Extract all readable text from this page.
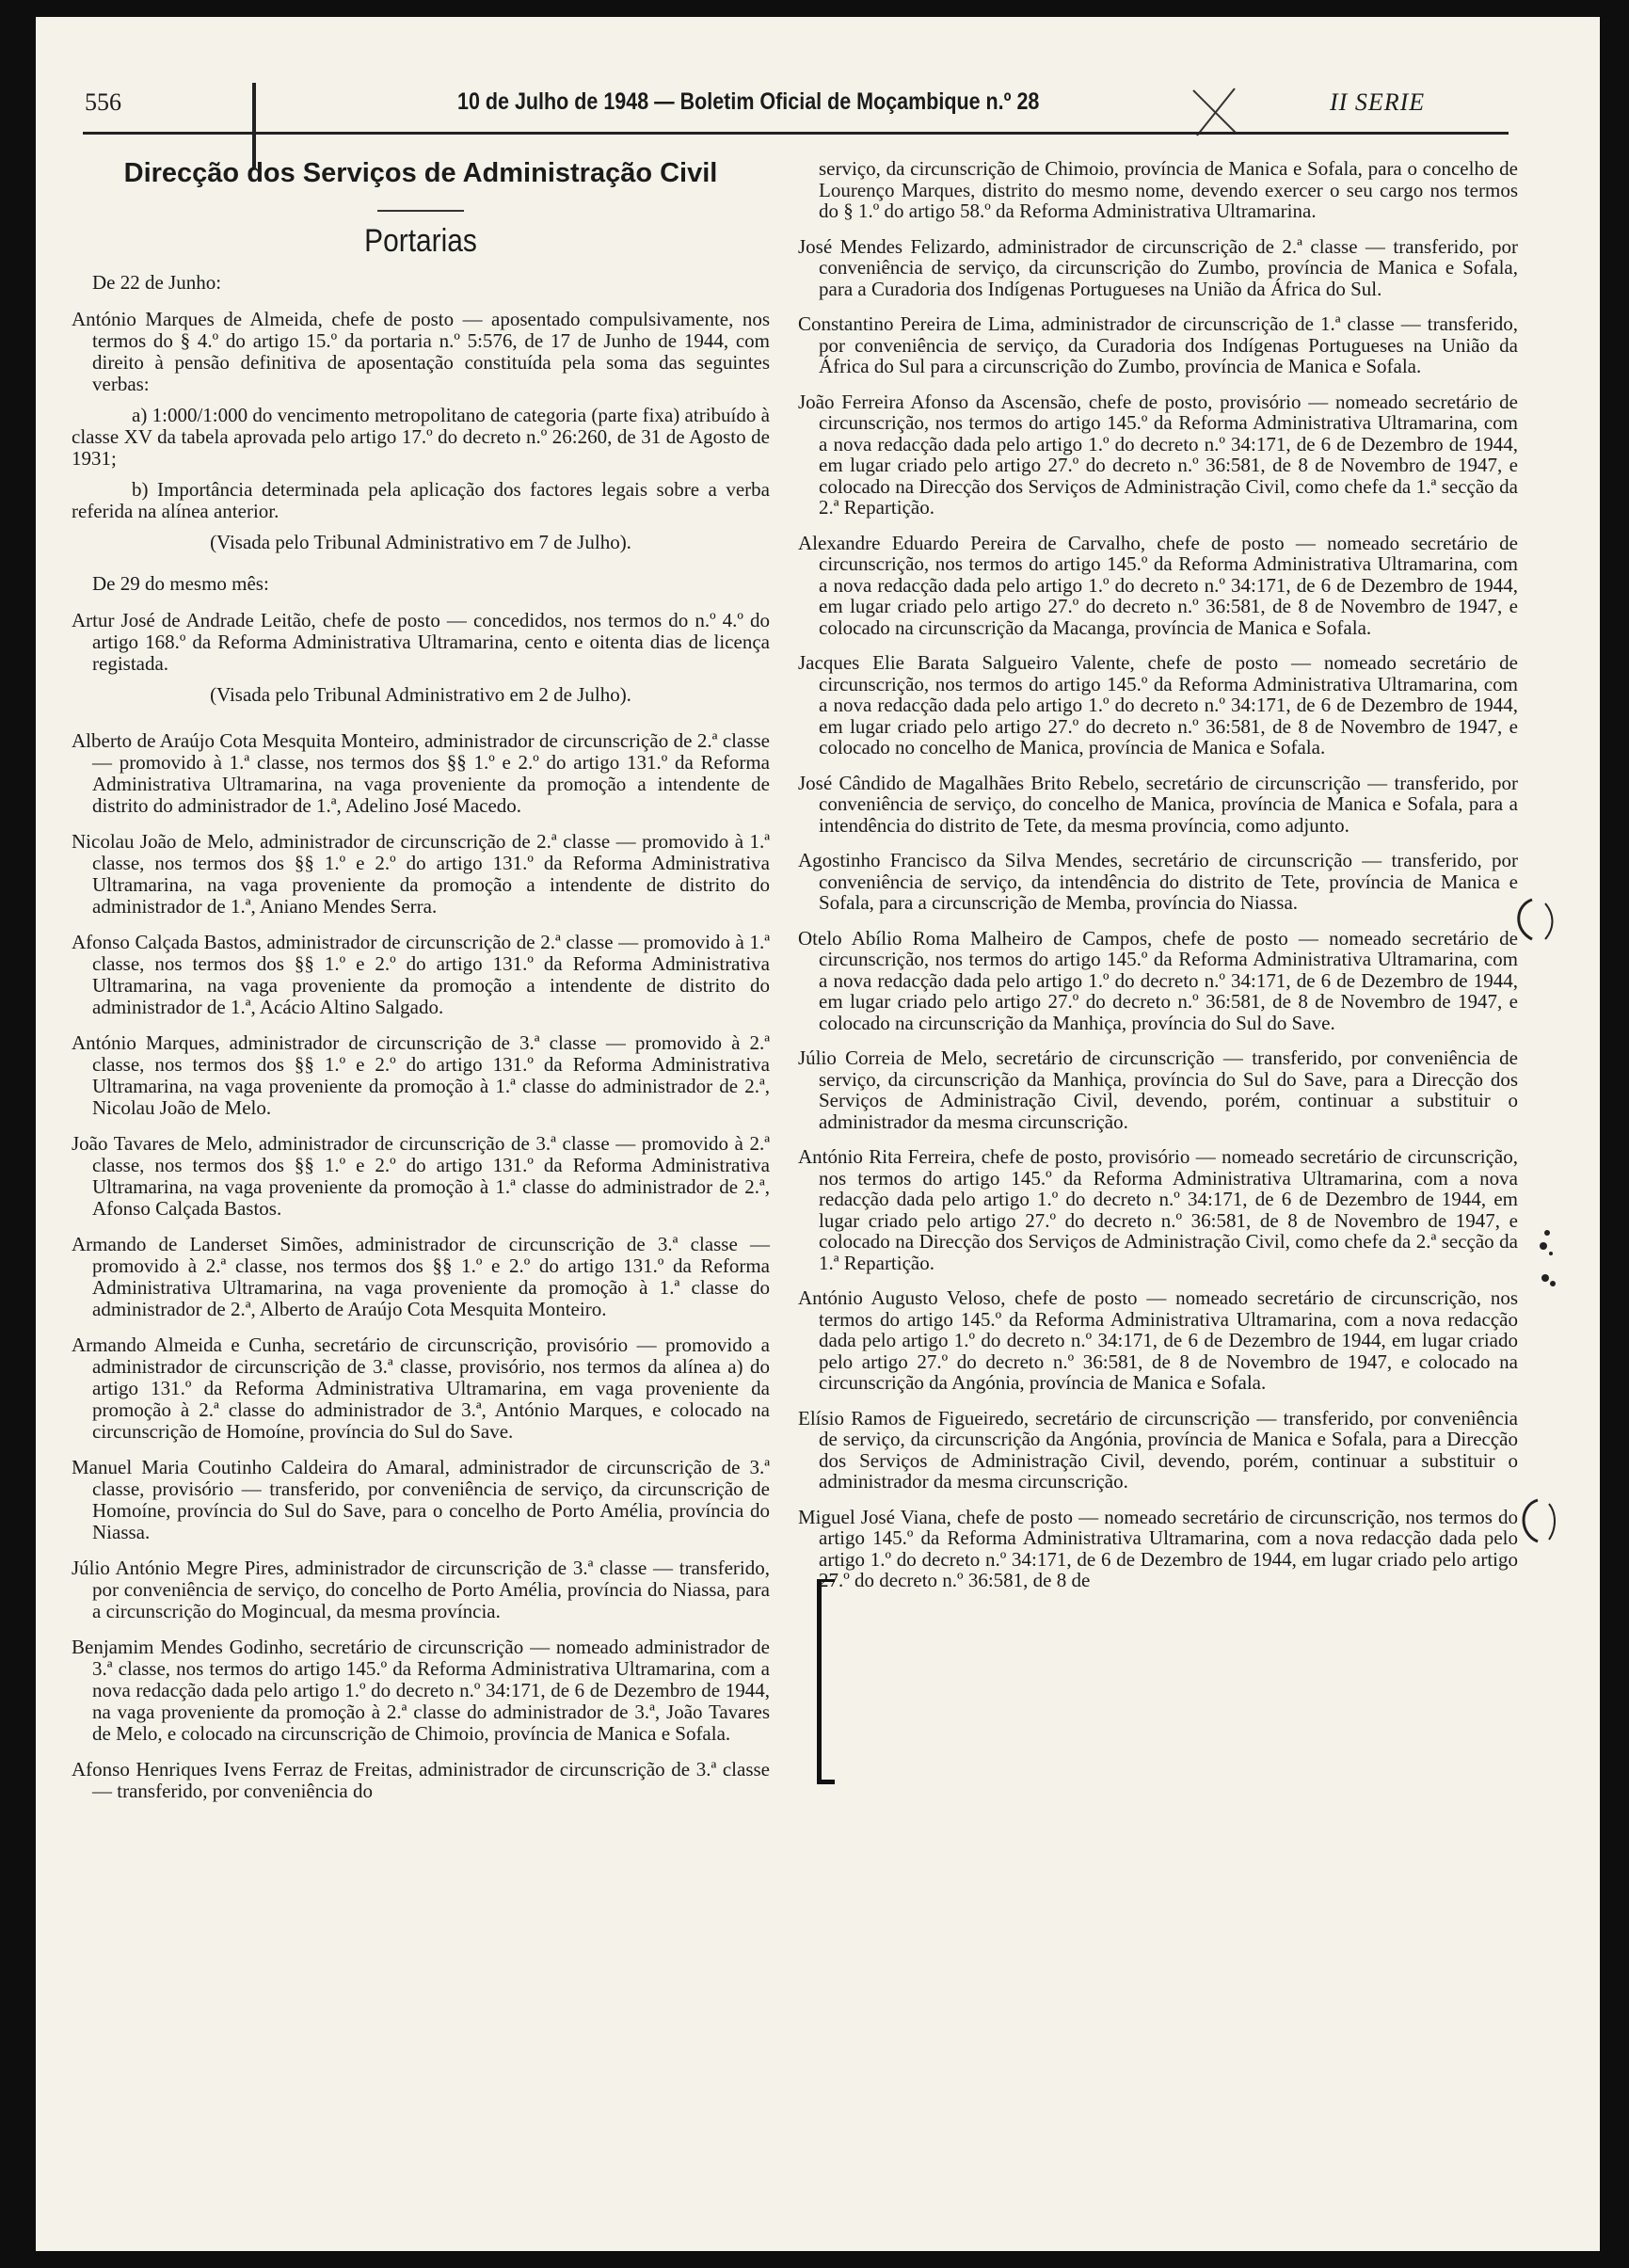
556	10 de Julho de 1948 — Boletim Oficial de Moçambique n.º 28	II SERIE
Direcção dos Serviços de Administração Civil
Portarias

De 22 de Junho:

António Marques de Almeida, chefe de posto — aposentado compulsivamente, nos termos do § 4.º do artigo 15.º da portaria n.º 5:576, de 17 de Junho de 1944, com direito à pensão definitiva de aposentação constituída pela soma das seguintes verbas:

a) 1:000/1:000 do vencimento metropolitano de categoria (parte fixa) atribuído à classe XV da tabela aprovada pelo artigo 17.º do decreto n.º 26:260, de 31 de Agosto de 1931;

b) Importância determinada pela aplicação dos factores legais sobre a verba referida na alínea anterior.

(Visada pelo Tribunal Administrativo em 7 de Julho).

De 29 do mesmo mês:

Artur José de Andrade Leitão, chefe de posto — concedidos, nos termos do n.º 4.º do artigo 168.º da Reforma Administrativa Ultramarina, cento e oitenta dias de licença registada.

(Visada pelo Tribunal Administrativo em 2 de Julho).

Alberto de Araújo Cota Mesquita Monteiro, administrador de circunscrição de 2.ª classe — promovido à 1.ª classe, nos termos dos §§ 1.º e 2.º do artigo 131.º da Reforma Administrativa Ultramarina, na vaga proveniente da promoção a intendente de distrito do administrador de 1.ª, Adelino José Macedo.

Nicolau João de Melo, administrador de circunscrição de 2.ª classe — promovido à 1.ª classe, nos termos dos §§ 1.º e 2.º do artigo 131.º da Reforma Administrativa Ultramarina, na vaga proveniente da promoção a intendente de distrito do administrador de 1.ª, Aniano Mendes Serra.

Afonso Calçada Bastos, administrador de circunscrição de 2.ª classe — promovido à 1.ª classe, nos termos dos §§ 1.º e 2.º do artigo 131.º da Reforma Administrativa Ultramarina, na vaga proveniente da promoção a intendente de distrito do administrador de 1.ª, Acácio Altino Salgado.

António Marques, administrador de circunscrição de 3.ª classe — promovido à 2.ª classe, nos termos dos §§ 1.º e 2.º do artigo 131.º da Reforma Administrativa Ultramarina, na vaga proveniente da promoção à 1.ª classe do administrador de 2.ª, Nicolau João de Melo.

João Tavares de Melo, administrador de circunscrição de 3.ª classe — promovido à 2.ª classe, nos termos dos §§ 1.º e 2.º do artigo 131.º da Reforma Administrativa Ultramarina, na vaga proveniente da promoção à 1.ª classe do administrador de 2.ª, Afonso Calçada Bastos.

Armando de Landerset Simões, administrador de circunscrição de 3.ª classe — promovido à 2.ª classe, nos termos dos §§ 1.º e 2.º do artigo 131.º da Reforma Administrativa Ultramarina, na vaga proveniente da promoção à 1.ª classe do administrador de 2.ª, Alberto de Araújo Cota Mesquita Monteiro.

Armando Almeida e Cunha, secretário de circunscrição, provisório — promovido a administrador de circunscrição de 3.ª classe, provisório, nos termos da alínea a) do artigo 131.º da Reforma Administrativa Ultramarina, em vaga proveniente da promoção à 2.ª classe do administrador de 3.ª, António Marques, e colocado na circunscrição de Homoíne, província do Sul do Save.

Manuel Maria Coutinho Caldeira do Amaral, administrador de circunscrição de 3.ª classe, provisório — transferido, por conveniência de serviço, da circunscrição de Homoíne, província do Sul do Save, para o concelho de Porto Amélia, província do Niassa.

Júlio António Megre Pires, administrador de circunscrição de 3.ª classe — transferido, por conveniência de serviço, do concelho de Porto Amélia, província do Niassa, para a circunscrição do Mogincual, da mesma província.

Benjamim Mendes Godinho, secretário de circunscrição — nomeado administrador de 3.ª classe, nos termos do artigo 145.º da Reforma Administrativa Ultramarina, com a nova redacção dada pelo artigo 1.º do decreto n.º 34:171, de 6 de Dezembro de 1944, na vaga proveniente da promoção à 2.ª classe do administrador de 3.ª, João Tavares de Melo, e colocado na circunscrição de Chimoio, província de Manica e Sofala.

Afonso Henriques Ivens Ferraz de Freitas, administrador de circunscrição de 3.ª classe — transferido, por conveniência do

serviço, da circunscrição de Chimoio, província de Manica e Sofala, para o concelho de Lourenço Marques, distrito do mesmo nome, devendo exercer o seu cargo nos termos do § 1.º do artigo 58.º da Reforma Administrativa Ultramarina.

José Mendes Felizardo, administrador de circunscrição de 2.ª classe — transferido, por conveniência de serviço, da circunscrição do Zumbo, província de Manica e Sofala, para a Curadoria dos Indígenas Portugueses na União da África do Sul.

Constantino Pereira de Lima, administrador de circunscrição de 1.ª classe — transferido, por conveniência de serviço, da Curadoria dos Indígenas Portugueses na União da África do Sul para a circunscrição do Zumbo, província de Manica e Sofala.

João Ferreira Afonso da Ascensão, chefe de posto, provisório — nomeado secretário de circunscrição, nos termos do artigo 145.º da Reforma Administrativa Ultramarina, com a nova redacção dada pelo artigo 1.º do decreto n.º 34:171, de 6 de Dezembro de 1944, em lugar criado pelo artigo 27.º do decreto n.º 36:581, de 8 de Novembro de 1947, e colocado na Direcção dos Serviços de Administração Civil, como chefe da 1.ª secção da 2.ª Repartição.

Alexandre Eduardo Pereira de Carvalho, chefe de posto — nomeado secretário de circunscrição, nos termos do artigo 145.º da Reforma Administrativa Ultramarina, com a nova redacção dada pelo artigo 1.º do decreto n.º 34:171, de 6 de Dezembro de 1944, em lugar criado pelo artigo 27.º do decreto n.º 36:581, de 8 de Novembro de 1947, e colocado na circunscrição da Macanga, província de Manica e Sofala.

Jacques Elie Barata Salgueiro Valente, chefe de posto — nomeado secretário de circunscrição, nos termos do artigo 145.º da Reforma Administrativa Ultramarina, com a nova redacção dada pelo artigo 1.º do decreto n.º 34:171, de 6 de Dezembro de 1944, em lugar criado pelo artigo 27.º do decreto n.º 36:581, de 8 de Novembro de 1947, e colocado no concelho de Manica, província de Manica e Sofala.

José Cândido de Magalhães Brito Rebelo, secretário de circunscrição — transferido, por conveniência de serviço, do concelho de Manica, província de Manica e Sofala, para a intendência do distrito de Tete, da mesma província, como adjunto.

Agostinho Francisco da Silva Mendes, secretário de circunscrição — transferido, por conveniência de serviço, da intendência do distrito de Tete, província de Manica e Sofala, para a circunscrição de Memba, província do Niassa.

Otelo Abílio Roma Malheiro de Campos, chefe de posto — nomeado secretário de circunscrição, nos termos do artigo 145.º da Reforma Administrativa Ultramarina, com a nova redacção dada pelo artigo 1.º do decreto n.º 34:171, de 6 de Dezembro de 1944, em lugar criado pelo artigo 27.º do decreto n.º 36:581, de 8 de Novembro de 1947, e colocado na circunscrição da Manhiça, província do Sul do Save.

Júlio Correia de Melo, secretário de circunscrição — transferido, por conveniência de serviço, da circunscrição da Manhiça, província do Sul do Save, para a Direcção dos Serviços de Administração Civil, devendo, porém, continuar a substituir o administrador da mesma circunscrição.

António Rita Ferreira, chefe de posto, provisório — nomeado secretário de circunscrição, nos termos do artigo 145.º da Reforma Administrativa Ultramarina, com a nova redacção dada pelo artigo 1.º do decreto n.º 34:171, de 6 de Dezembro de 1944, em lugar criado pelo artigo 27.º do decreto n.º 36:581, de 8 de Novembro de 1947, e colocado na Direcção dos Serviços de Administração Civil, como chefe da 2.ª secção da 1.ª Repartição.

António Augusto Veloso, chefe de posto — nomeado secretário de circunscrição, nos termos do artigo 145.º da Reforma Administrativa Ultramarina, com a nova redacção dada pelo artigo 1.º do decreto n.º 34:171, de 6 de Dezembro de 1944, em lugar criado pelo artigo 27.º do decreto n.º 36:581, de 8 de Novembro de 1947, e colocado na circunscrição da Angónia, província de Manica e Sofala.

Elísio Ramos de Figueiredo, secretário de circunscrição — transferido, por conveniência de serviço, da circunscrição da Angónia, província de Manica e Sofala, para a Direcção dos Serviços de Administração Civil, devendo, porém, continuar a substituir o administrador da mesma circunscrição.

Miguel José Viana, chefe de posto — nomeado secretário de circunscrição, nos termos do artigo 145.º da Reforma Administrativa Ultramarina, com a nova redacção dada pelo artigo 1.º do decreto n.º 34:171, de 6 de Dezembro de 1944, em lugar criado pelo artigo 27.º do decreto n.º 36:581, de 8 de
